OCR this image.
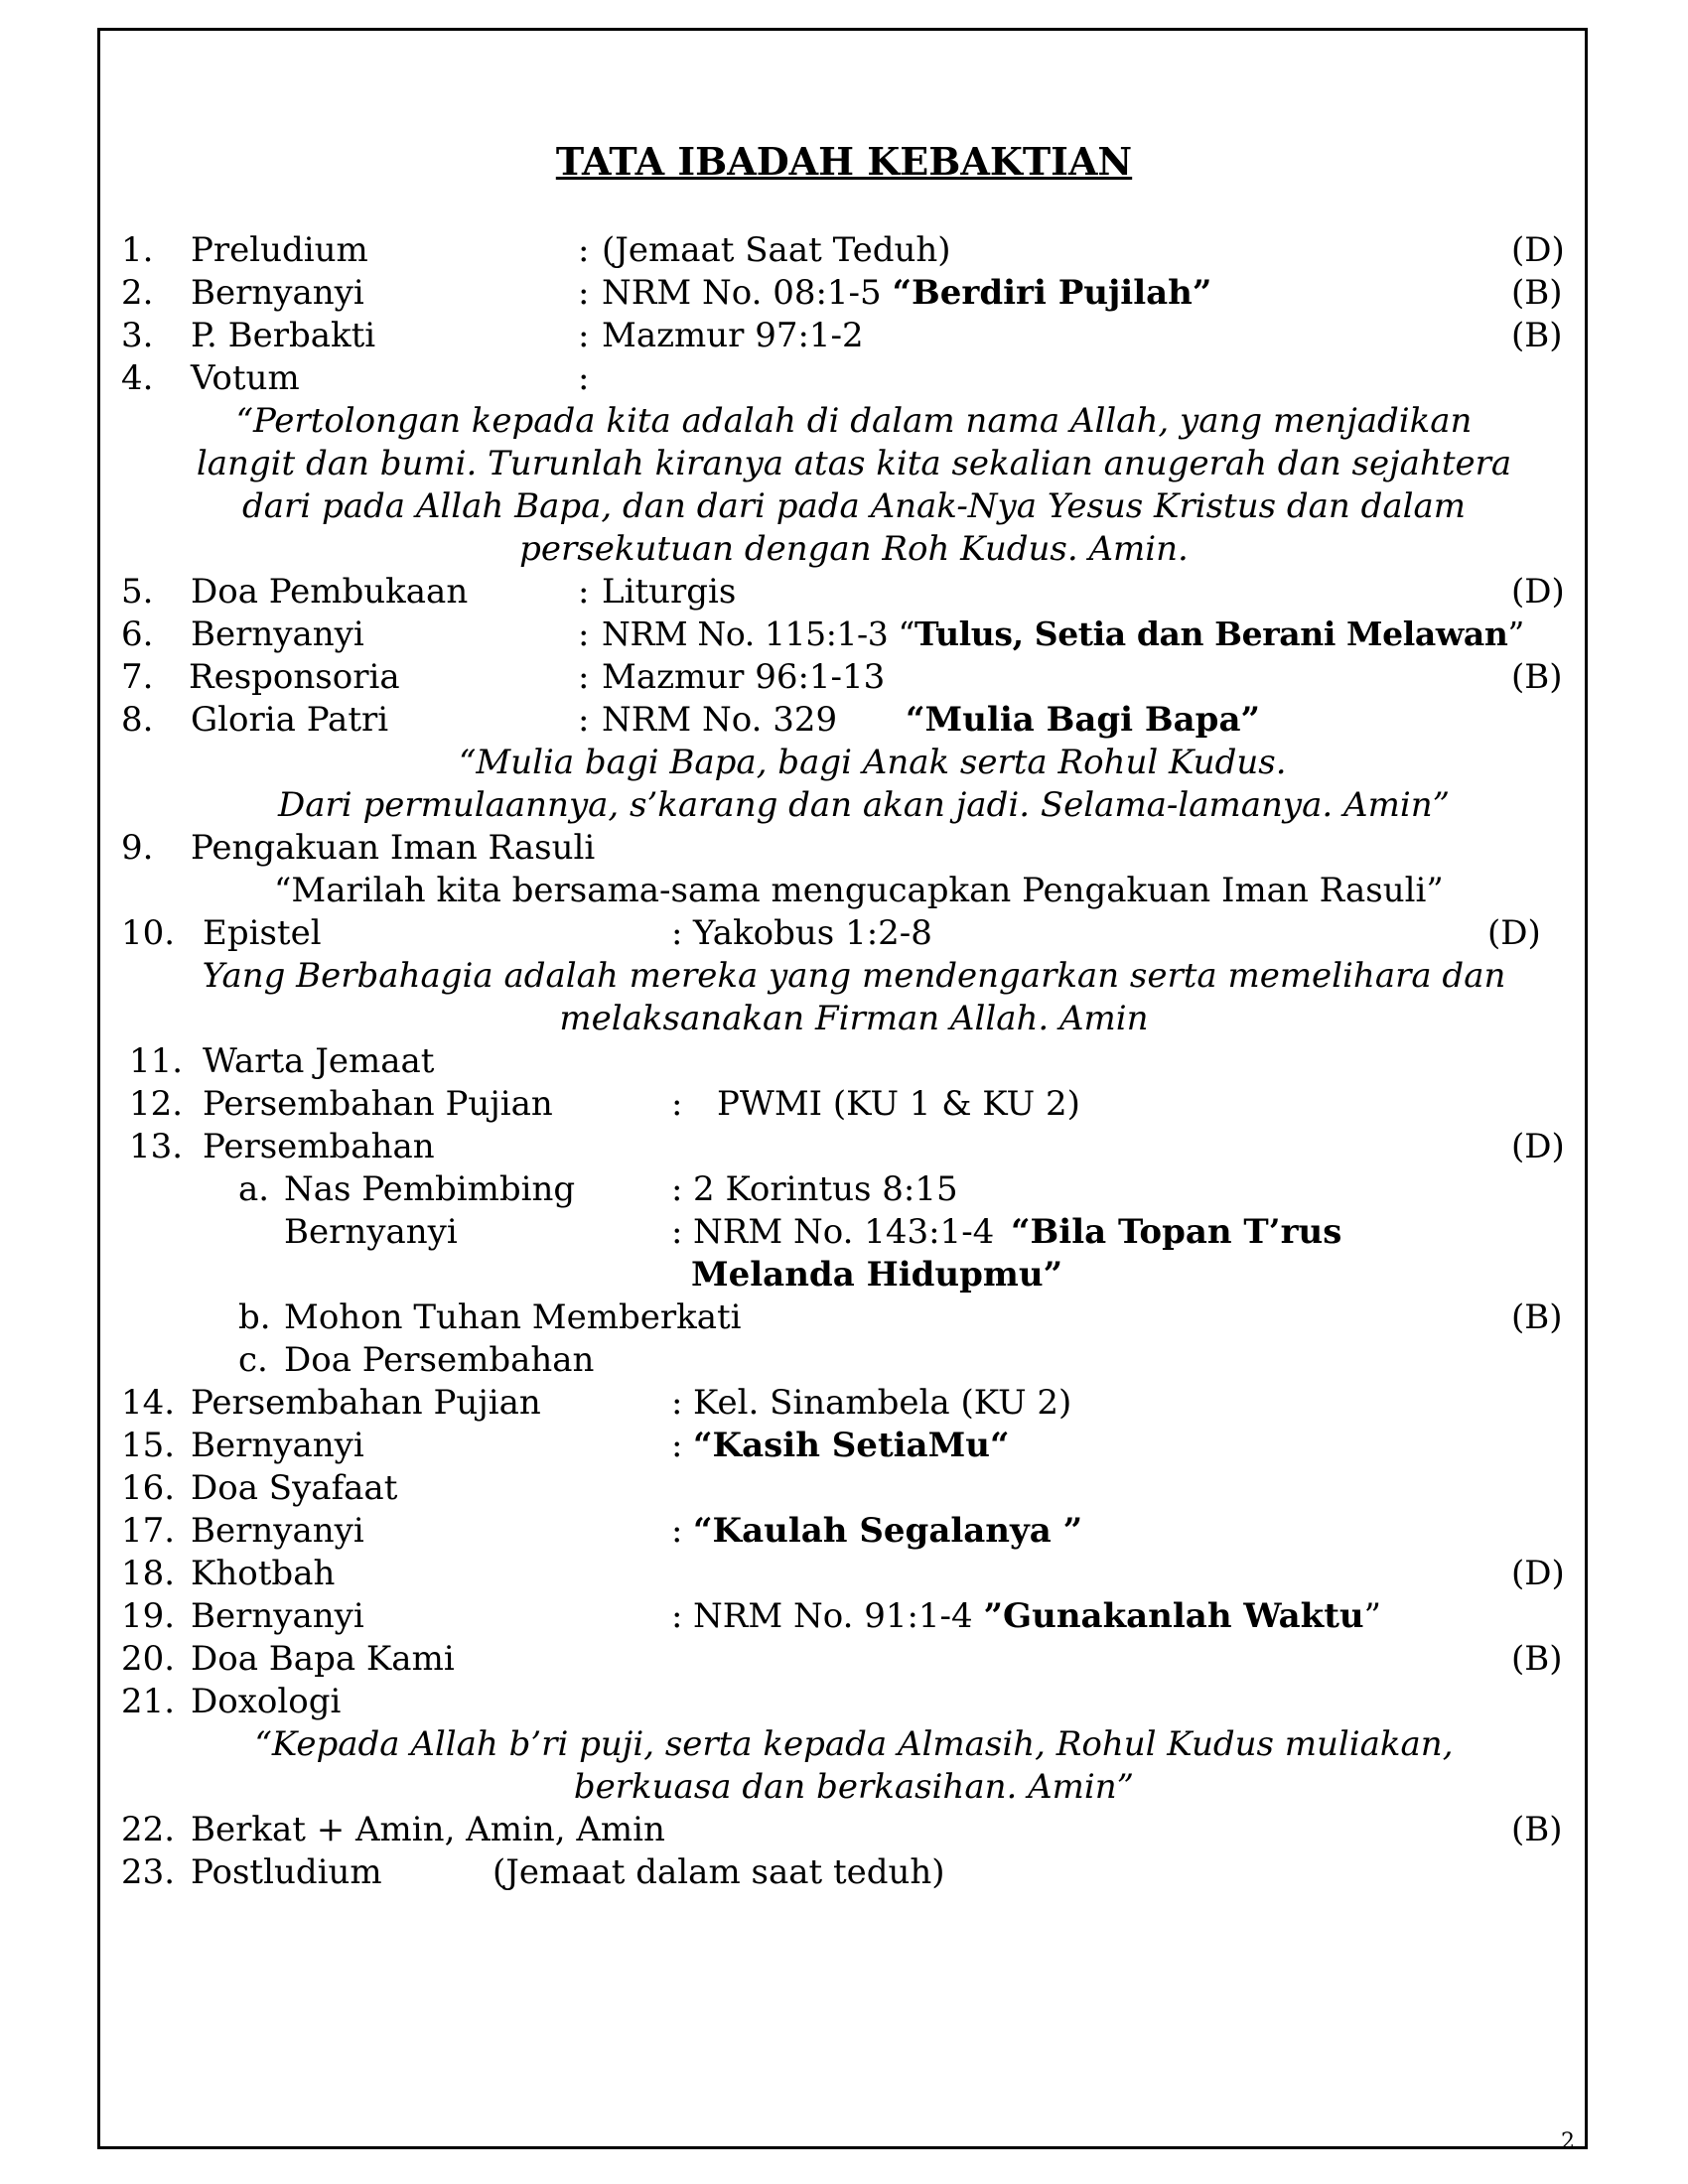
TATA IBADAH KEBAKTIAN
1. Preludium	: (Jemaat Saat Teduh)	(D)
2. Bernyanyi	: NRM No. 08:1-5 “Berdiri Pujilah”	(B)
3. P. Berbakti	: Mazmur 97:1-2	(B)
4. Votum	:
“Pertolongan kepada kita adalah di dalam nama Allah, yang menjadikan
langit dan bumi. Turunlah kiranya atas kita sekalian anugerah dan sejahtera
dari pada Allah Bapa, dan dari pada Anak-Nya Yesus Kristus dan dalam
persekutuan dengan Roh Kudus. Amin.
5. Doa Pembukaan	: Liturgis	(D)
6. Bernyanyi	: NRM No. 115:1-3 “Tulus, Setia dan Berani Melawan”
7. Responsoria	: Mazmur 96:1-13	(B)
8. Gloria Patri	: NRM No. 329 “Mulia Bagi Bapa”
“Mulia bagi Bapa, bagi Anak serta Rohul Kudus.
Dari permulaannya, s’karang dan akan jadi. Selama-lamanya. Amin”
9. Pengakuan Iman Rasuli
“Marilah kita bersama-sama mengucapkan Pengakuan Iman Rasuli”
10. Epistel	: Yakobus 1:2-8	(D)
Yang Berbahagia adalah mereka yang mendengarkan serta memelihara dan
melaksanakan Firman Allah. Amin
11. Warta Jemaat
12. Persembahan Pujian	: PWMI (KU 1 & KU 2)
13. Persembahan	(D)
a. Nas Pembimbing	: 2 Korintus 8:15
Bernyanyi	: NRM No. 143:1-4 “Bila Topan T’rus
Melanda Hidupmu”
b. Mohon Tuhan Memberkati	(B)
c. Doa Persembahan
14. Persembahan Pujian	: Kel. Sinambela (KU 2)
15. Bernyanyi	: “Kasih SetiaMu“
16. Doa Syafaat
17. Bernyanyi	: “Kaulah Segalanya ”
18. Khotbah	(D)
19. Bernyanyi	: NRM No. 91:1-4 ”Gunakanlah Waktu”
20. Doa Bapa Kami	(B)
21. Doxologi
“Kepada Allah b’ri puji, serta kepada Almasih, Rohul Kudus muliakan,
berkuasa dan berkasihan. Amin”
22. Berkat + Amin, Amin, Amin	(B)
23. Postludium	(Jemaat dalam saat teduh)
2
